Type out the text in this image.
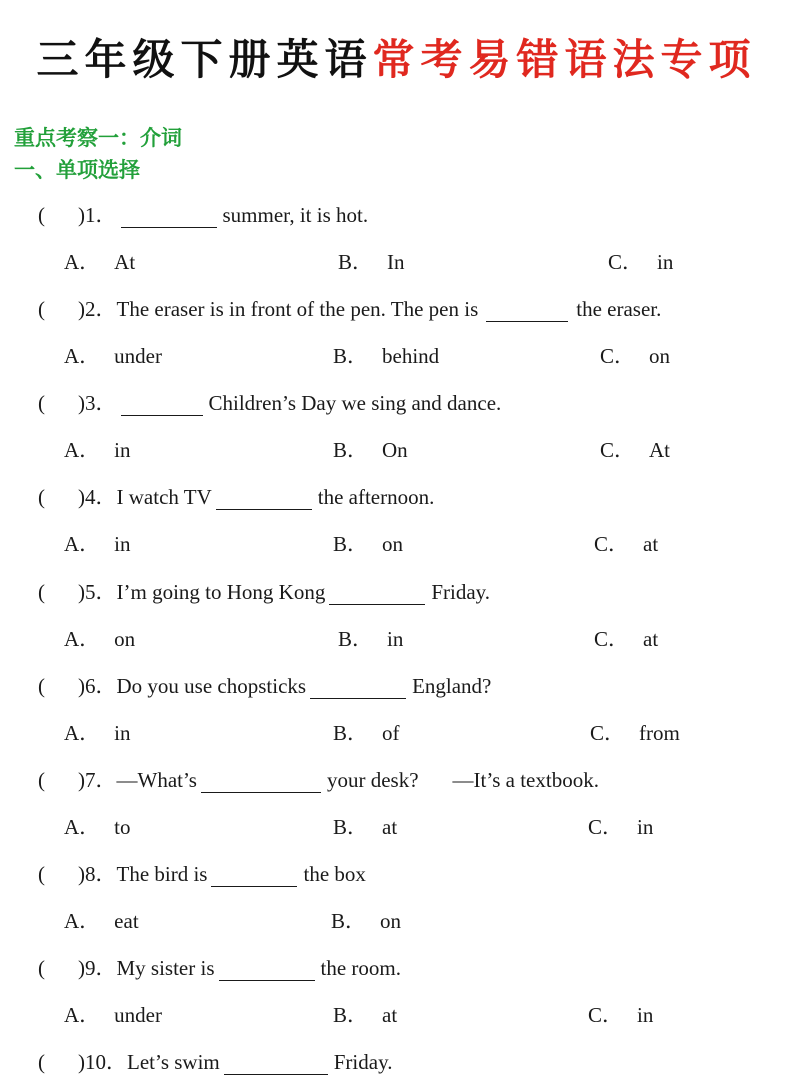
三年级下册英语常考易错语法专项
重点考察一：介词
一、单项选择
( )1．	summer, it is hot.
A． At	B． In	C． in
( )2．The eraser is in front of the pen. The pen is	the eraser.
A． under	B． behind	C． on
( )3．	Children’s Day we sing and dance.
A． in	B． On	C． At
( )4．I watch TV	the afternoon.
A． in	B． on	C． at
( )5．I’m going to Hong Kong	Friday.
A． on	B． in	C． at
( )6．Do you use chopsticks	England?
A． in	B． of	C． from
( )7．—What’s	your desk? —It’s a textbook.
A． to	B． at	C． in
( )8．The bird is	the box
A． eat	B． on
( )9．My sister is	the room.
A． under	B． at	C． in
( )10．Let’s swim	Friday.
